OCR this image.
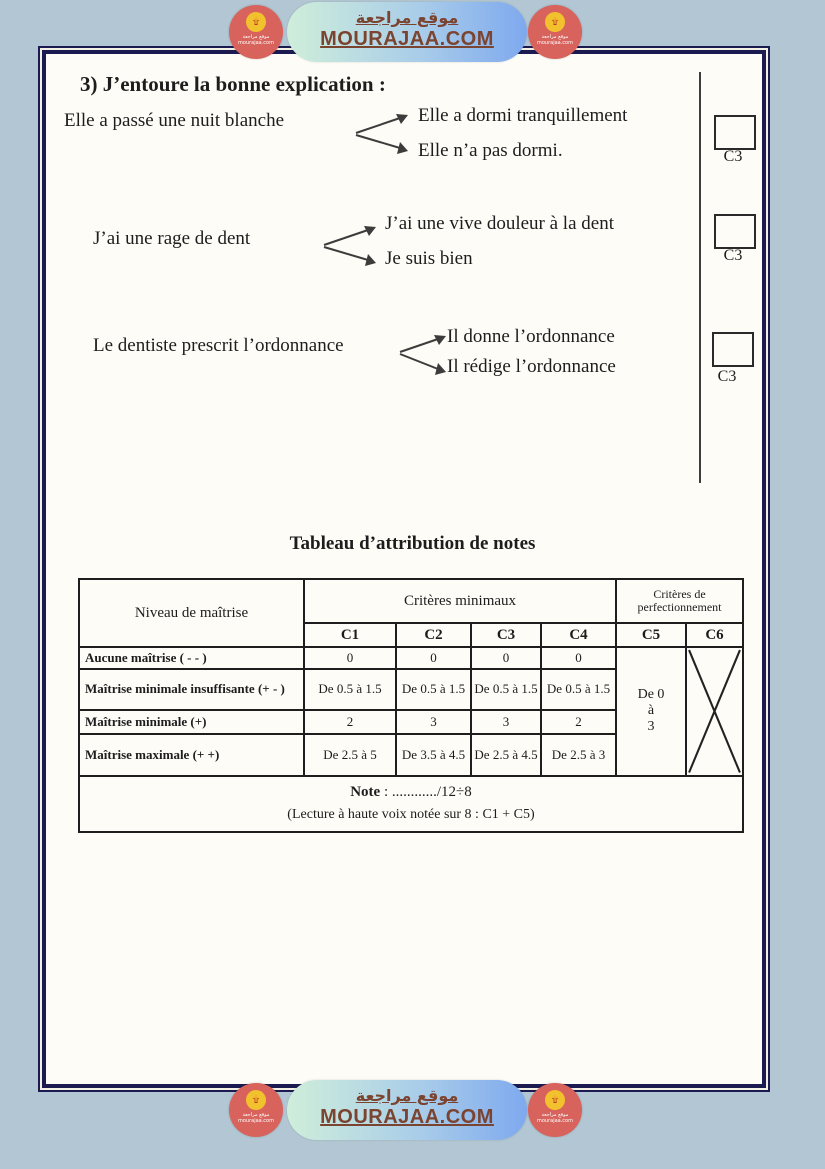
موقع مراجعة
MOURAJAA.COM
۩
موقع مراجعة
mourajaa.com
۩
موقع مراجعة
mourajaa.com
3) J’entoure la bonne explication :
Elle a passé une nuit blanche	Elle a dormi tranquillement
Elle n’a pas dormi.
J’ai une rage de dent
J’ai une vive douleur à la dent
Je suis bien
Le dentiste prescrit l’ordonnance	Il donne l’ordonnance
Il rédige l’ordonnance
C3
C3
C3
Tableau d’attribution de notes
Niveau de maîtrise	Critères minimaux				Critères de perfectionnement	
	C1	C2	C3	C4	C5	C6
Aucune maîtrise ( - - )	0	0	0	0	De 0
à
3

Maîtrise minimale insuffisante (+ - )	De 0.5 à 1.5	De 0.5 à 1.5	De 0.5 à 1.5	De 0.5 à 1.5		
Maîtrise minimale (+)	2	3	3	2		
Maîtrise maximale (+ +)	De 2.5 à 5	De 3.5 à 4.5	De 2.5 à 4.5	De 2.5 à 3		

Note : ............/12÷8
(Lecture à haute voix notée sur 8 : C1 + C5)						
موقع مراجعة
MOURAJAA.COM
۩
موقع مراجعة
mourajaa.com
۩
موقع مراجعة
mourajaa.com
